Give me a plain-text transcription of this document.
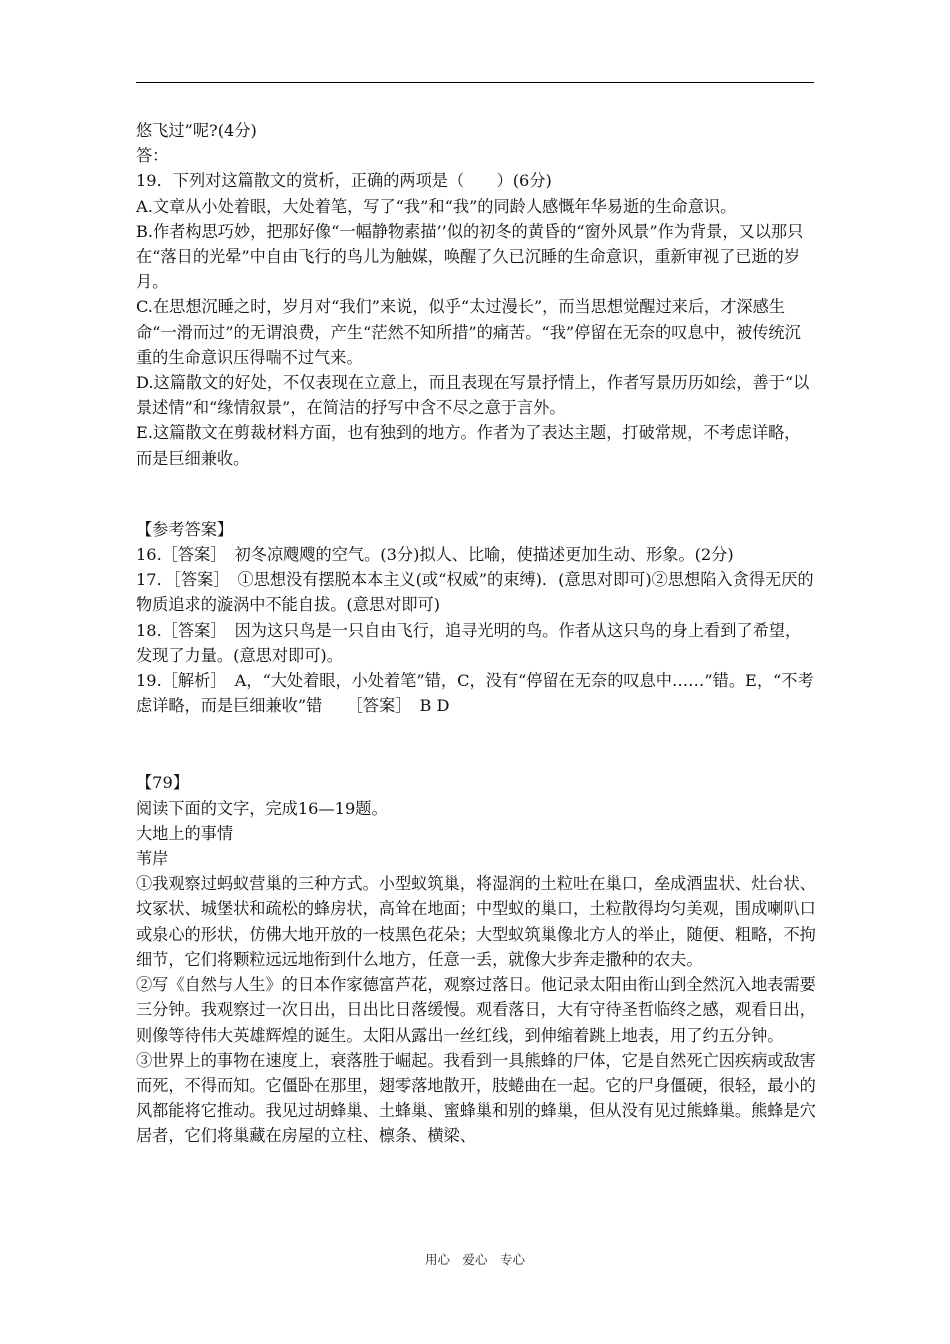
悠飞过”呢?(4分)

答：

19．下列对这篇散文的赏析，正确的两项是（　　）(6分)

A.文章从小处着眼，大处着笔，写了“我”和“我”的同龄人感慨年华易逝的生命意识。

B.作者构思巧妙，把那好像“一幅静物素描’’似的初冬的黄昏的“窗外风景”作为背景，又以那只在“落日的光晕”中自由飞行的鸟儿为触媒，唤醒了久已沉睡的生命意识，重新审视了已逝的岁月。

C.在思想沉睡之时，岁月对“我们”来说，似乎“太过漫长”，而当思想觉醒过来后，才深感生命“一滑而过”的无谓浪费，产生“茫然不知所措”的痛苦。“我”停留在无奈的叹息中，被传统沉重的生命意识压得喘不过气来。

D.这篇散文的好处，不仅表现在立意上，而且表现在写景抒情上，作者写景历历如绘，善于“以景述情”和“缘情叙景”，在简洁的抒写中含不尽之意于言外。

E.这篇散文在剪裁材料方面，也有独到的地方。作者为了表达主题，打破常规，不考虑详略，而是巨细兼收。

【参考答案】

16.［答案］　初冬凉飕飕的空气。(3分)拟人、比喻，使描述更加生动、形象。(2分)

17．［答案］　①思想没有摆脱本本主义(或“权威”的束缚)．(意思对即可)②思想陷入贪得无厌的物质追求的漩涡中不能自拔。(意思对即可)

18.［答案］　因为这只鸟是一只自由飞行，追寻光明的鸟。作者从这只鸟的身上看到了希望，发现了力量。(意思对即可)。

19.［解析］　A，“大处着眼，小处着笔”错，C，没有“停留在无奈的叹息中……”错。E，“不考虑详略，而是巨细兼收”错　　［答案］　B D

【79】

阅读下面的文字，完成16—19题。

大地上的事情

苇岸

①我观察过蚂蚁营巢的三种方式。小型蚁筑巢，将湿润的土粒吐在巢口，垒成酒盅状、灶台状、坟冢状、城堡状和疏松的蜂房状，高耸在地面；中型蚁的巢口，土粒散得均匀美观，围成喇叭口或泉心的形状，仿佛大地开放的一枝黑色花朵；大型蚁筑巢像北方人的举止，随便、粗略，不拘细节，它们将颗粒远远地衔到什么地方，任意一丢，就像大步奔走撒种的农夫。

②写《自然与人生》的日本作家德富芦花，观察过落日。他记录太阳由衔山到全然沉入地表需要三分钟。我观察过一次日出，日出比日落缓慢。观看落日，大有守待圣哲临终之感，观看日出，则像等待伟大英雄辉煌的诞生。太阳从露出一丝红线，到伸缩着跳上地表，用了约五分钟。

③世界上的事物在速度上，衰落胜于崛起。我看到一具熊蜂的尸体，它是自然死亡因疾病或敌害而死，不得而知。它僵卧在那里，翅零落地散开，肢蜷曲在一起。它的尸身僵硬，很轻，最小的风都能将它推动。我见过胡蜂巢、土蜂巢、蜜蜂巢和别的蜂巢，但从没有见过熊蜂巢。熊蜂是穴居者，它们将巢藏在房屋的立柱、檩条、横梁、

用心　爱心　专心
